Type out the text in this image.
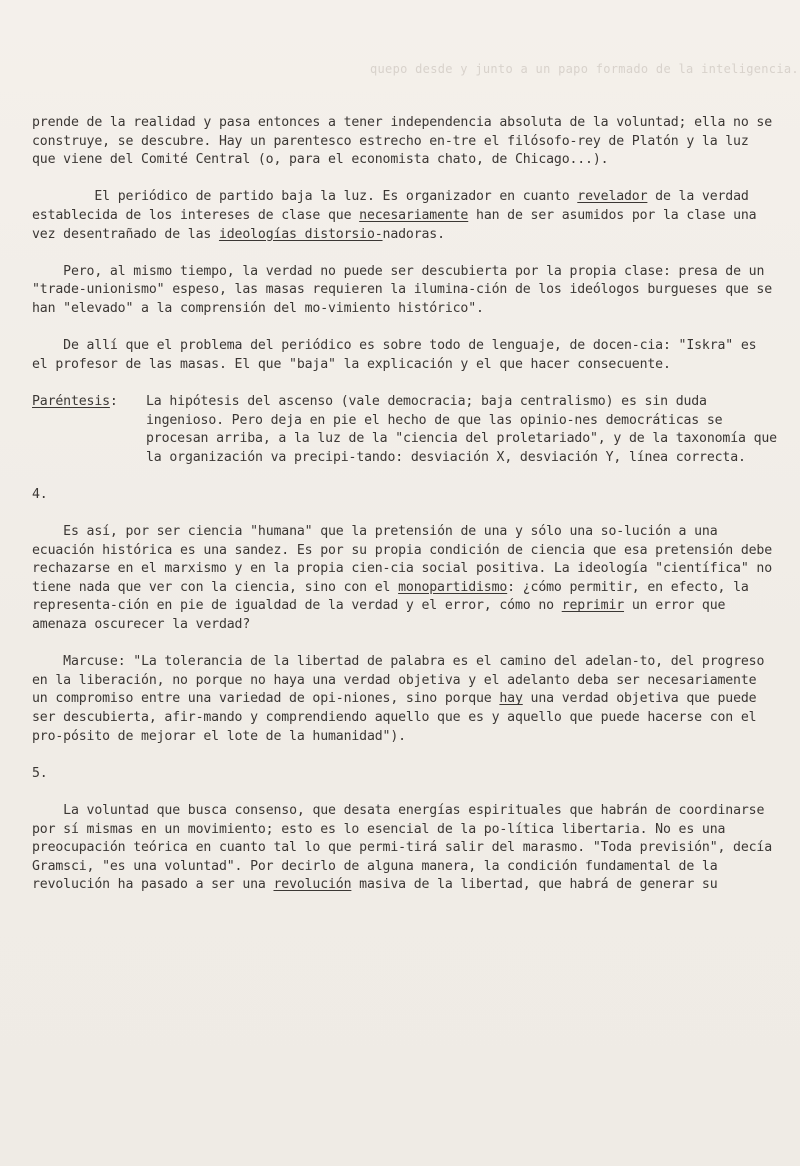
quepo desde y junto a un papo formado de la inteligencia.

prende de la realidad y pasa entonces a tener independencia absoluta de la voluntad; ella no se construye, se descubre. Hay un parentesco estrecho en-tre el filósofo-rey de Platón y la luz que viene del Comité Central (o, para el economista chato, de Chicago...).

El periódico de partido baja la luz. Es organizador en cuanto revelador de la verdad establecida de los intereses de clase que necesariamente han de ser asumidos por la clase una vez desentrañado de las ideologías distorsio-nadoras.

Pero, al mismo tiempo, la verdad no puede ser descubierta por la propia clase: presa de un "trade-unionismo" espeso, las masas requieren la ilumina-ción de los ideólogos burgueses que se han "elevado" a la comprensión del mo-vimiento histórico".

De allí que el problema del periódico es sobre todo de lenguaje, de docen-cia: "Iskra" es el profesor de las masas. El que "baja" la explicación y el que hacer consecuente.

Paréntesis:	La hipótesis del ascenso (vale democracia; baja centralismo) es sin duda ingenioso. Pero deja en pie el hecho de que las opinio-nes democráticas se procesan arriba, a la luz de la "ciencia del proletariado", y de la taxonomía que la organización va precipi-tando: desviación X, desviación Y, línea correcta.
4.

Es así, por ser ciencia "humana" que la pretensión de una y sólo una so-lución a una ecuación histórica es una sandez. Es por su propia condición de ciencia que esa pretensión debe rechazarse en el marxismo y en la propia cien-cia social positiva. La ideología "científica" no tiene nada que ver con la ciencia, sino con el monopartidismo: ¿cómo permitir, en efecto, la representa-ción en pie de igualdad de la verdad y el error, cómo no reprimir un error que amenaza oscurecer la verdad?

Marcuse: "La tolerancia de la libertad de palabra es el camino del adelan-to, del progreso en la liberación, no porque no haya una verdad objetiva y el adelanto deba ser necesariamente un compromiso entre una variedad de opi-niones, sino porque hay una verdad objetiva que puede ser descubierta, afir-mando y comprendiendo aquello que es y aquello que puede hacerse con el pro-pósito de mejorar el lote de la humanidad").

5.

La voluntad que busca consenso, que desata energías espirituales que habrán de coordinarse por sí mismas en un movimiento; esto es lo esencial de la po-lítica libertaria. No es una preocupación teórica en cuanto tal lo que permi-tirá salir del marasmo. "Toda previsión", decía Gramsci, "es una voluntad". Por decirlo de alguna manera, la condición fundamental de la revolución ha pasado a ser una revolución masiva de la libertad, que habrá de generar su
